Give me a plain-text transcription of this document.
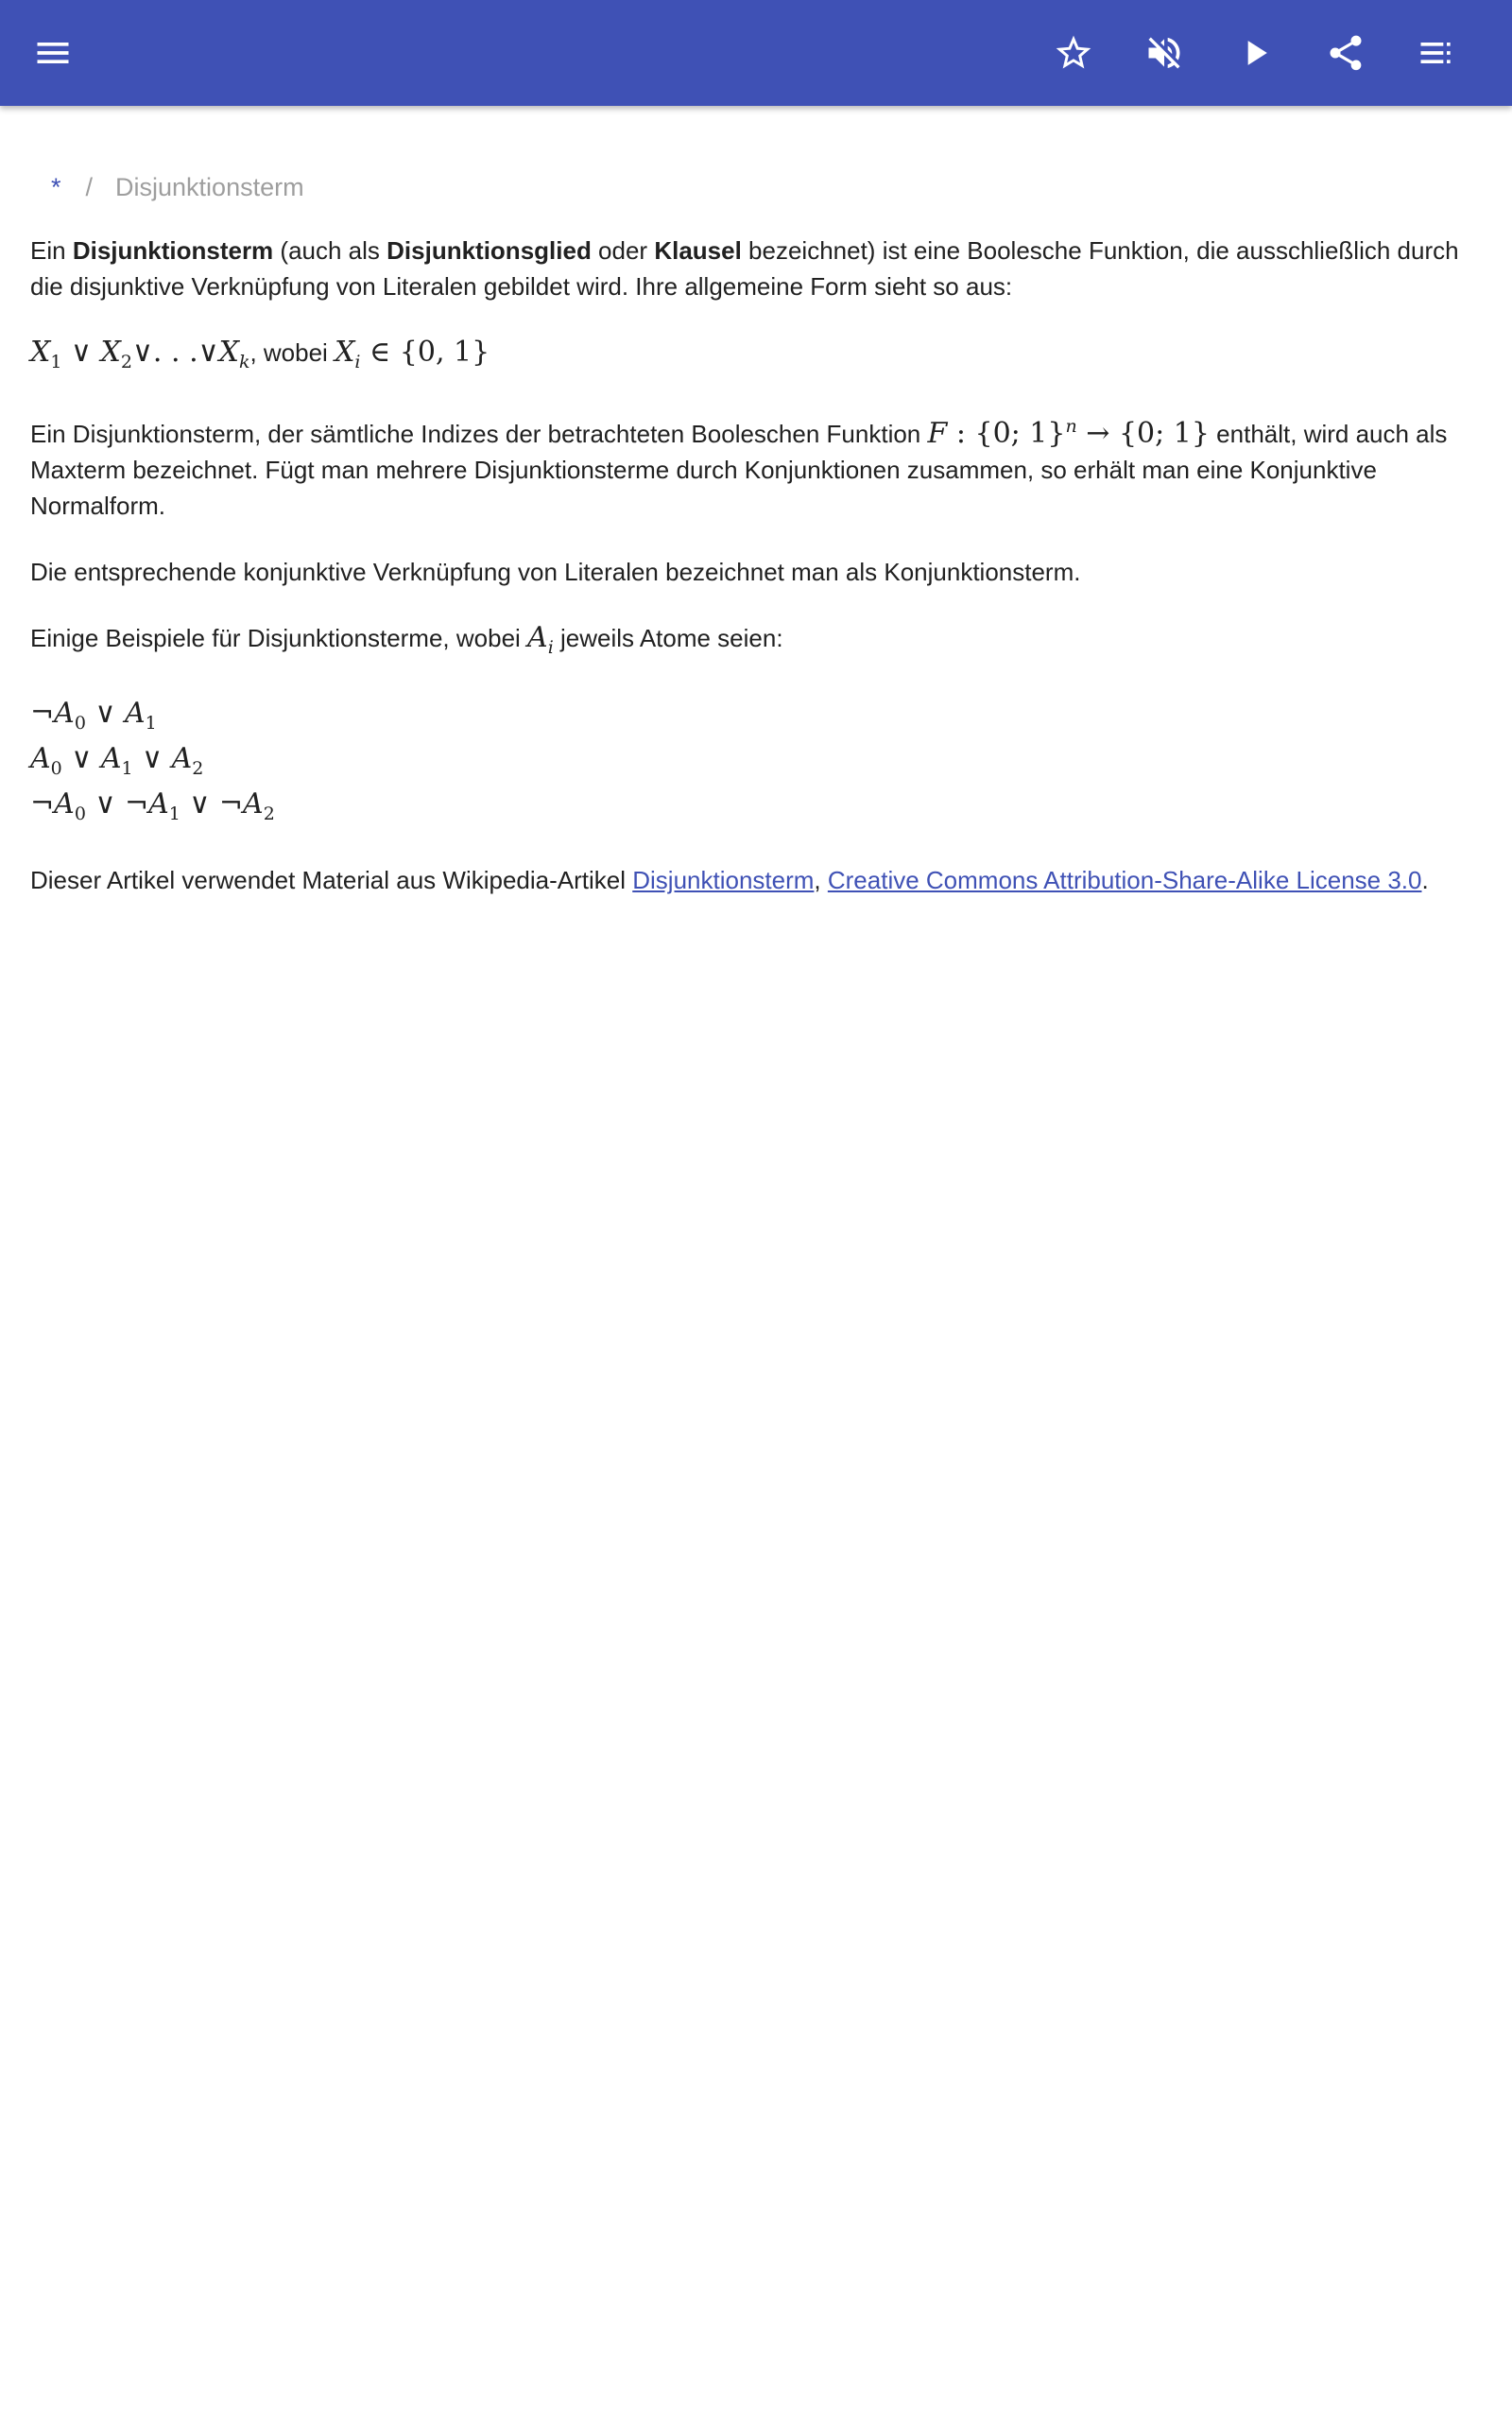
* / Disjunktionsterm

Ein Disjunktionsterm (auch als Disjunktionsglied oder Klausel bezeichnet) ist eine Boolesche Funktion, die ausschließlich durch die disjunktive Verknüpfung von Literalen gebildet wird. Ihre allgemeine Form sieht so aus:

$X_1$ ∨ $X_2\vee$. . $.\vee X_k$, wobei $X_i$ ∈ {0, 1}

Ein Disjunktionsterm, der sämtliche Indizes der betrachteten Booleschen Funktion F : {0; 1}$^n$ → {0; 1} enthält, wird auch als Maxterm bezeichnet. Fügt man mehrere Disjunktionsterme durch Konjunktionen zusammen, so erhält man eine Konjunktive Normalform.

Die entsprechende konjunktive Verknüpfung von Literalen bezeichnet man als Konjunktionsterm.

Einige Beispiele für Disjunktionsterme, wobei $A_i$ jeweils Atome seien:

$\neg A_0$ ∨ $A_1$
$A_0$ ∨ $A_1$ ∨ $A_2$
$\neg A_0$ ∨ $\neg A_1$ ∨ $\neg A_2$

Dieser Artikel verwendet Material aus Wikipedia-Artikel Disjunktionsterm, Creative Commons Attribution-Share-Alike License 3.0.
